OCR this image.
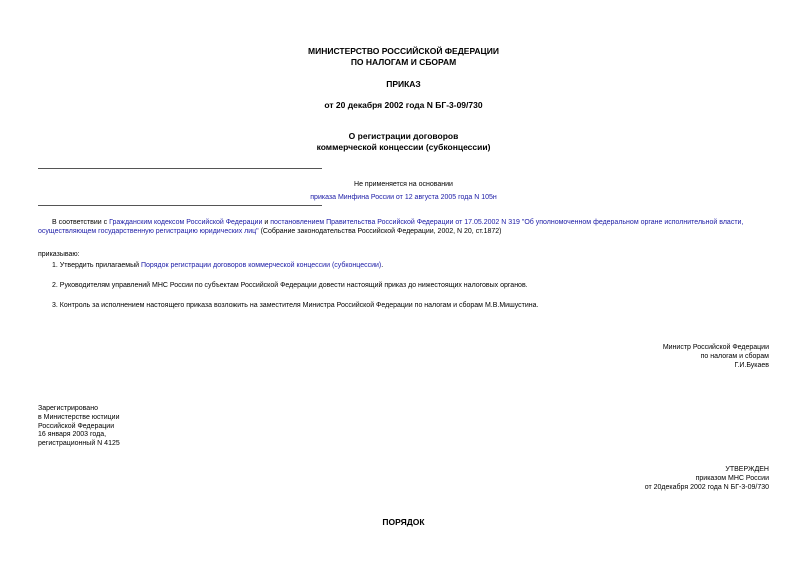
МИНИСТЕРСТВО РОССИЙСКОЙ ФЕДЕРАЦИИ
ПО НАЛОГАМ И СБОРАМ
ПРИКАЗ
от 20 декабря 2002 года N БГ-3-09/730
О регистрации договоров
коммерческой концессии (субконцессии)
Не применяется на основании
приказа Минфина России от 12 августа 2005 года N 105н
В соответствии с Гражданским кодексом Российской Федерации и постановлением Правительства Российской Федерации от 17.05.2002 N 319 "Об уполномоченном федеральном органе исполнительной власти, осуществляющем государственную регистрацию юридических лиц" (Собрание законодательства Российской Федерации, 2002, N 20, ст.1872)
приказываю:
1. Утвердить прилагаемый Порядок регистрации договоров коммерческой концессии (субконцессии).
2. Руководителям управлений МНС России по субъектам Российской Федерации довести настоящий приказ до нижестоящих налоговых органов.
3. Контроль за исполнением настоящего приказа возложить на заместителя Министра Российской Федерации по налогам и сборам М.В.Мишустина.
Министр Российской Федерации
по налогам и сборам
Г.И.Букаев
Зарегистрировано
в Министерстве юстиции
Российской Федерации
16 января 2003 года,
регистрационный N 4125
УТВЕРЖДЕН
приказом МНС России
от 20декабря 2002 года N БГ-3-09/730
ПОРЯДОК
